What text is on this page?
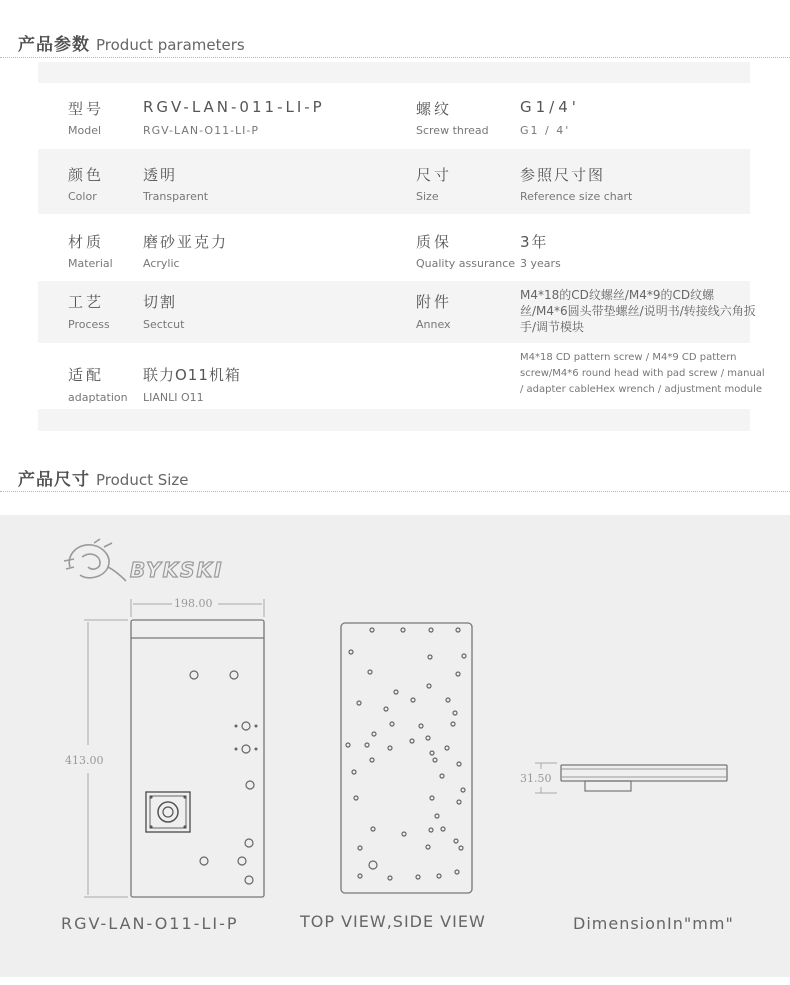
产品参数 Product parameters
型号
Model
RGV-LAN-011-LI-P
RGV-LAN-O11-LI-P
螺纹
Screw thread
G1/4'
G1 / 4'
颜色
Color
透明
Transparent
尺寸
Size
参照尺寸图
Reference size chart
材质
Material
磨砂亚克力
Acrylic
质保
Quality assurance
3年
3 years
工艺
Process
切割
Sectcut
附件
Annex
M4*18的CD纹螺丝/M4*9的CD纹螺丝/M4*6圆头带垫螺丝/说明书/转接线六角扳手/调节模块
M4*18 CD pattern screw / M4*9 CD pattern screw/M4*6 round head with pad screw / manual / adapter cableHex wrench / adjustment module
适配
adaptation
联力O11机箱
LIANLI O11
产品尺寸 Product Size
BYKSKI
198.00
413.00
31.50
RGV-LAN-O11-LI-P	TOP VIEW,SIDE VIEW	DimensionIn"mm"
